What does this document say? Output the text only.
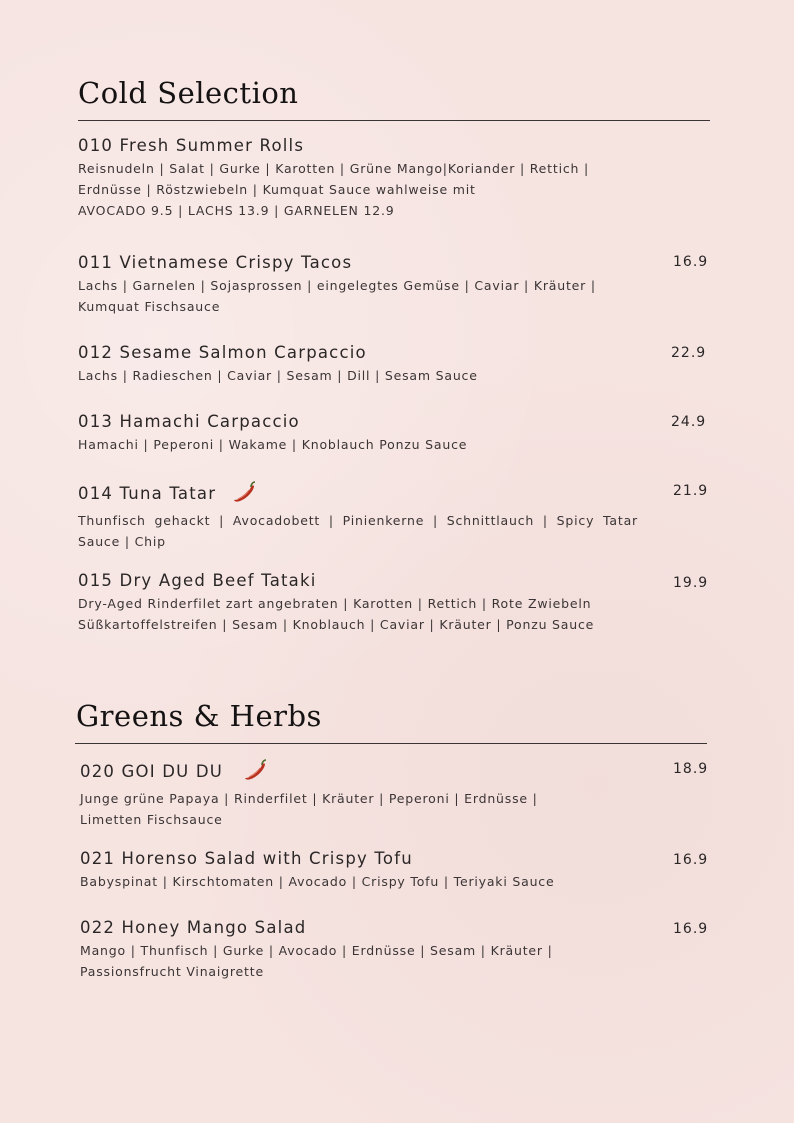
Cold Selection
010 Fresh Summer Rolls
Reisnudeln | Salat | Gurke | Karotten | Grüne Mango|Koriander | Rettich | Erdnüsse | Röstzwiebeln | Kumquat Sauce wahlweise mit
AVOCADO 9.5 | LACHS 13.9 | GARNELEN 12.9
011 Vietnamese Crispy Tacos
Lachs | Garnelen | Sojasprossen | eingelegtes Gemüse | Caviar | Kräuter | Kumquat Fischsauce
16.9
012 Sesame Salmon Carpaccio
Lachs | Radieschen | Caviar | Sesam | Dill | Sesam Sauce
22.9
013 Hamachi Carpaccio
Hamachi | Peperoni | Wakame | Knoblauch Ponzu Sauce
24.9
014 Tuna Tatar
Thunfisch gehackt | Avocadobett | Pinienkerne | Schnittlauch | Spicy Tatar Sauce | Chip
21.9
015 Dry Aged Beef Tataki
Dry-Aged Rinderfilet zart angebraten | Karotten | Rettich | Rote Zwiebeln Süßkartoffelstreifen | Sesam | Knoblauch | Caviar | Kräuter | Ponzu Sauce
19.9
Greens & Herbs
020 GOI DU DU
Junge grüne Papaya | Rinderfilet | Kräuter | Peperoni | Erdnüsse | Limetten Fischsauce
18.9
021 Horenso Salad with Crispy Tofu
Babyspinat | Kirschtomaten | Avocado | Crispy Tofu | Teriyaki Sauce
16.9
022 Honey Mango Salad
Mango | Thunfisch | Gurke | Avocado | Erdnüsse | Sesam | Kräuter | Passionsfrucht Vinaigrette
16.9
